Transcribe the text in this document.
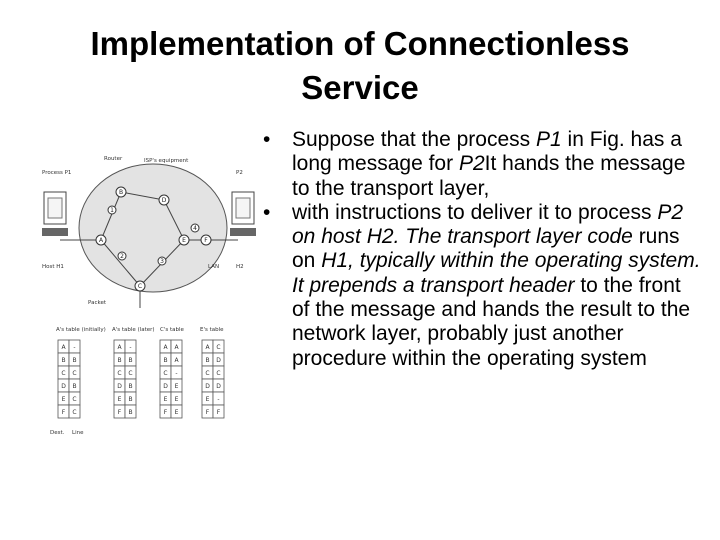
Implementation of Connectionless
Service
A
B
C
D
E	F
1
2
3
4
Process P1
Router	ISP's equipment
P2
Host H1	LAN	H2
Packet
A's table (initially)
A -
B B
C C
D B
E C
F C
A's table (later)
A -
B B
C C
D B
E B
F B
C's table
A A
B A
C -
D E
E E
F E
E's table
A C
B D
C C
D D
E -
F F
Dest. Line
• Suppose that the process P1 in Fig. has a long message for P2It hands the message to the transport layer,
• with instructions to deliver it to process P2 on host H2. The transport layer code runs on H1, typically within the operating system. It prepends a transport header to the front of the message and hands the result to the network layer, probably just another procedure within the operating system
